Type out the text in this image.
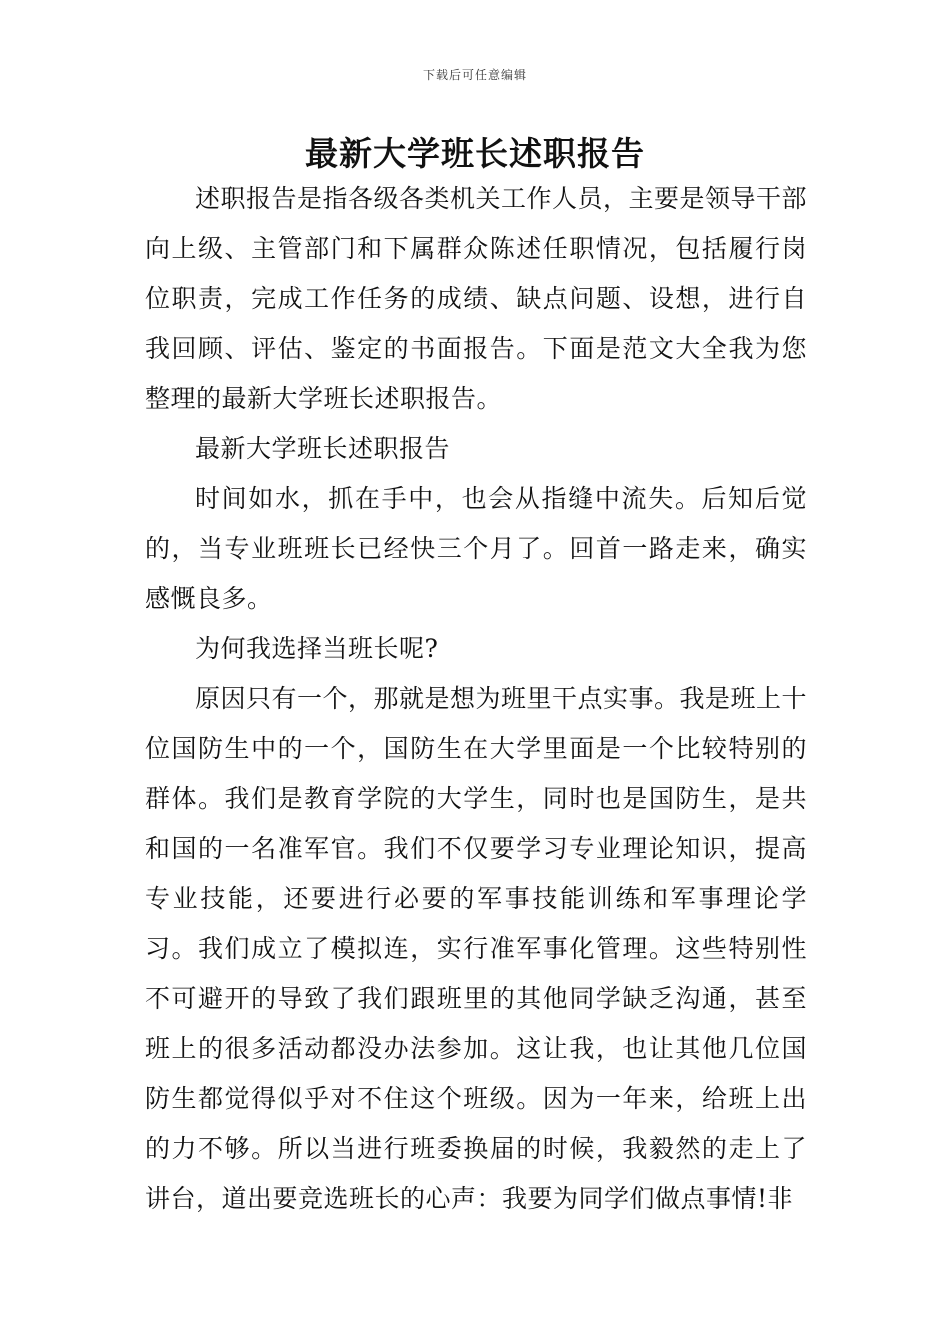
下载后可任意编辑
最新大学班长述职报告

述职报告是指各级各类机关工作人员，主要是领导干部向上级、主管部门和下属群众陈述任职情况，包括履行岗位职责，完成工作任务的成绩、缺点问题、设想，进行自我回顾、评估、鉴定的书面报告。下面是范文大全我为您整理的最新大学班长述职报告。

最新大学班长述职报告

时间如水，抓在手中，也会从指缝中流失。后知后觉的，当专业班班长已经快三个月了。回首一路走来，确实感慨良多。

为何我选择当班长呢?

原因只有一个，那就是想为班里干点实事。我是班上十位国防生中的一个，国防生在大学里面是一个比较特别的群体。我们是教育学院的大学生，同时也是国防生，是共和国的一名准军官。我们不仅要学习专业理论知识，提高专业技能，还要进行必要的军事技能训练和军事理论学习。我们成立了模拟连，实行准军事化管理。这些特别性不可避开的导致了我们跟班里的其他同学缺乏沟通，甚至班上的很多活动都没办法参加。这让我，也让其他几位国防生都觉得似乎对不住这个班级。因为一年来，给班上出的力不够。所以当进行班委换届的时候，我毅然的走上了讲台，道出要竞选班长的心声：我要为同学们做点事情!非
